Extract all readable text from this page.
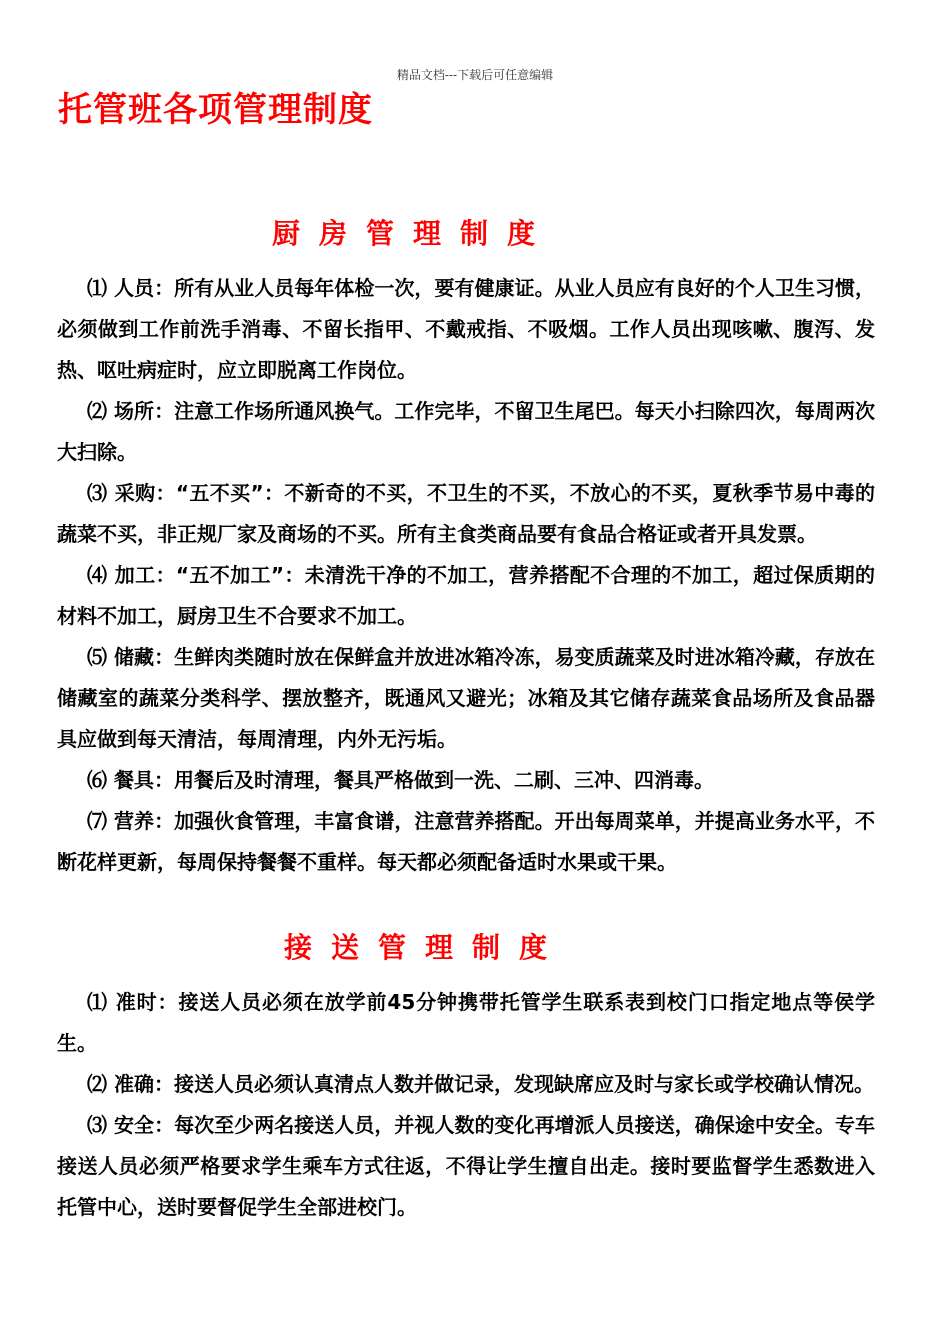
精品文档---下载后可任意编辑
托管班各项管理制度
厨房管理制度

⑴ 人员：所有从业人员每年体检一次，要有健康证。从业人员应有良好的个人卫生习惯，必须做到工作前洗手消毒、不留长指甲、不戴戒指、不吸烟。工作人员出现咳嗽、腹泻、发热、呕吐病症时，应立即脱离工作岗位。

⑵ 场所：注意工作场所通风换气。工作完毕，不留卫生尾巴。每天小扫除四次，每周两次大扫除。

⑶ 采购：“五不买”：不新奇的不买，不卫生的不买，不放心的不买，夏秋季节易中毒的蔬菜不买，非正规厂家及商场的不买。所有主食类商品要有食品合格证或者开具发票。

⑷ 加工：“五不加工”：未清洗干净的不加工，营养搭配不合理的不加工，超过保质期的材料不加工，厨房卫生不合要求不加工。

⑸ 储藏：生鲜肉类随时放在保鲜盒并放进冰箱冷冻，易变质蔬菜及时进冰箱冷藏，存放在储藏室的蔬菜分类科学、摆放整齐，既通风又避光；冰箱及其它储存蔬菜食品场所及食品器具应做到每天清洁，每周清理，内外无污垢。

⑹ 餐具：用餐后及时清理，餐具严格做到一洗、二刷、三冲、四消毒。

⑺ 营养：加强伙食管理，丰富食谱，注意营养搭配。开出每周菜单，并提高业务水平，不断花样更新，每周保持餐餐不重样。每天都必须配备适时水果或干果。

接送管理制度

⑴ 准时：接送人员必须在放学前45分钟携带托管学生联系表到校门口指定地点等侯学生。

⑵ 准确：接送人员必须认真清点人数并做记录，发现缺席应及时与家长或学校确认情况。

⑶ 安全：每次至少两名接送人员，并视人数的变化再增派人员接送，确保途中安全。专车接送人员必须严格要求学生乘车方式往返，不得让学生擅自出走。接时要监督学生悉数进入托管中心，送时要督促学生全部进校门。
